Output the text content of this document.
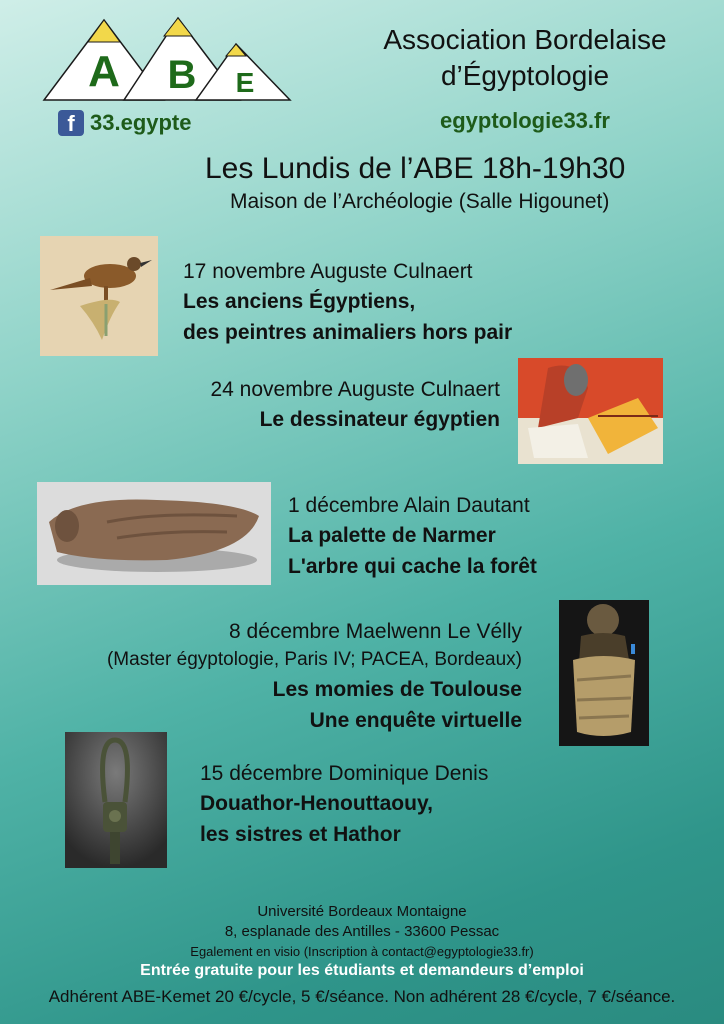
A B E
f 33.egypte
Association Bordelaise
d’Égyptologie
egyptologie33.fr
Les Lundis de l’ABE 18h-19h30
Maison de l’Archéologie (Salle Higounet)
17 novembre Auguste Culnaert
Les anciens Égyptiens,
des peintres animaliers hors pair
24 novembre Auguste Culnaert
Le dessinateur égyptien
1 décembre Alain Dautant
La palette de Narmer
L'arbre qui cache la forêt
8 décembre Maelwenn Le Vélly
(Master égyptologie, Paris IV; PACEA, Bordeaux)
Les momies de Toulouse
Une enquête virtuelle
15 décembre Dominique Denis
Douathor-Henouttaouy,
les sistres et Hathor
Université Bordeaux Montaigne
8, esplanade des Antilles - 33600 Pessac
Egalement en visio (Inscription à contact@egyptologie33.fr)
Entrée gratuite pour les étudiants et demandeurs d’emploi
Adhérent ABE-Kemet 20 €/cycle, 5 €/séance. Non adhérent 28 €/cycle, 7 €/séance.
